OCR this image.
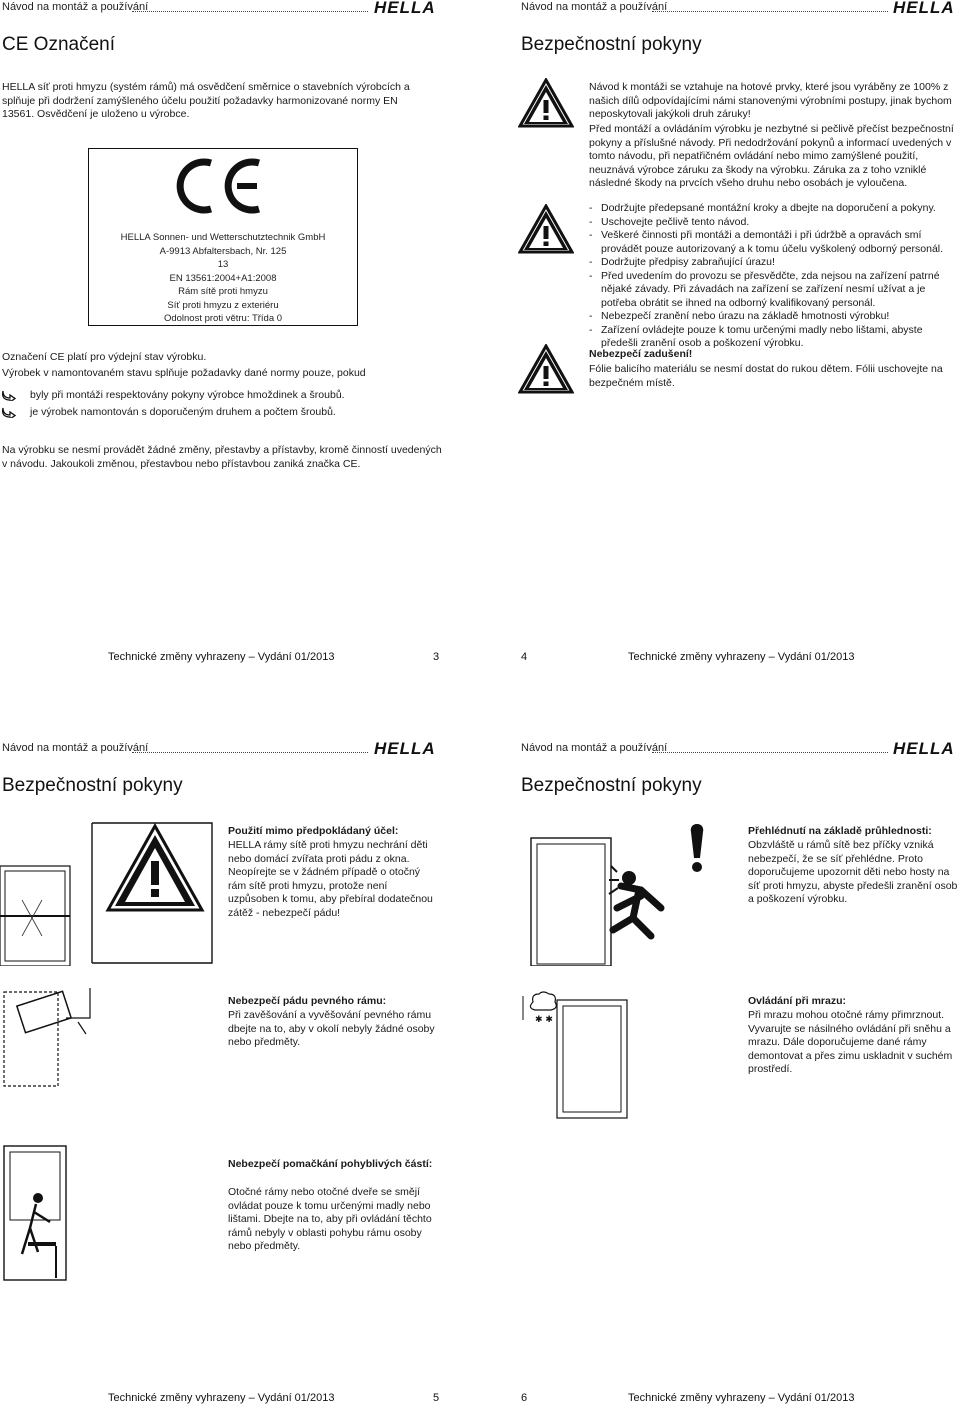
Návod na montáž a používání	HELLA
CE Označení
HELLA síť proti hmyzu (systém rámů) má osvědčení směrnice o stavebních výrobcích a splňuje při dodržení zamýšleného účelu použití požadavky harmonizované normy EN 13561. Osvědčení je uloženo u výrobce.
HELLA Sonnen- und Wetterschutztechnik GmbH
A-9913 Abfaltersbach, Nr. 125
13
EN 13561:2004+A1:2008
Rám sítě proti hmyzu
Síť proti hmyzu z exteriéru
Odolnost proti větru: Třída 0
Označení CE platí pro výdejní stav výrobku.
Výrobek v namontovaném stavu splňuje požadavky dané normy pouze, pokud
byly při montáži respektovány pokyny výrobce hmoždinek a šroubů.
je výrobek namontován s doporučeným druhem a počtem šroubů.
Na výrobku se nesmí provádět žádné změny, přestavby a přístavby, kromě činností uvedených v návodu. Jakoukoli změnou, přestavbou nebo přístavbou zaniká značka CE.
Technické změny vyhrazeny – Vydání 01/2013	3
Návod na montáž a používání	HELLA
Bezpečnostní pokyny
Návod k montáži se vztahuje na hotové prvky, které jsou vyráběny ze 100% z našich dílů odpovídajícími námi stanovenými výrobními postupy, jinak bychom neposkytovali jakýkoli druh záruky!
Před montáží a ovládáním výrobku je nezbytné si pečlivě přečíst bezpečnostní pokyny a příslušné návody. Při nedodržování pokynů a informací uvedených v tomto návodu, při nepatřičném ovládání nebo mimo zamýšlené použití, neuznává výrobce záruku za škody na výrobku. Záruka za z toho vzniklé následné škody na prvcích všeho druhu nebo osobách je vyloučena.
- Dodržujte předepsané montážní kroky a dbejte na doporučení a pokyny.
- Uschovejte pečlivě tento návod.
- Veškeré činnosti při montáži a demontáži i při údržbě a opravách smí provádět pouze autorizovaný a k tomu účelu vyškolený odborný personál.
- Dodržujte předpisy zabraňující úrazu!
- Před uvedením do provozu se přesvědčte, zda nejsou na zařízení patrné nějaké závady. Při závadách na zařízení se zařízení nesmí užívat a je potřeba obrátit se ihned na odborný kvalifikovaný personál.
- Nebezpečí zranění nebo úrazu na základě hmotnosti výrobku!
- Zařízení ovládejte pouze k tomu určenými madly nebo lištami, abyste předešli zranění osob a poškození výrobku.
Nebezpečí zadušení!
Fólie balicího materiálu se nesmí dostat do rukou dětem. Fólii uschovejte na bezpečném místě.
4	Technické změny vyhrazeny – Vydání 01/2013
Návod na montáž a používání	HELLA
Bezpečnostní pokyny
Použití mimo předpokládaný účel:
HELLA rámy sítě proti hmyzu nechrání děti nebo domácí zvířata proti pádu z okna. Neopírejte se v žádném případě o otočný rám sítě proti hmyzu, protože není uzpůsoben k tomu, aby přebíral dodatečnou zátěž - nebezpečí pádu!
Nebezpečí pádu pevného rámu:
Při zavěšování a vyvěšování pevného rámu dbejte na to, aby v okolí nebyly žádné osoby nebo předměty.
Nebezpečí pomačkání pohyblivých částí:
Otočné rámy nebo otočné dveře se smějí ovládat pouze k tomu určenými madly nebo lištami. Dbejte na to, aby při ovládání těchto rámů nebyly v oblasti pohybu rámu osoby nebo předměty.
Technické změny vyhrazeny – Vydání 01/2013	5
Návod na montáž a používání	HELLA
Bezpečnostní pokyny
✱ ✱
Přehlédnutí na základě průhlednosti:
Obzvláště u rámů sítě bez příčky vzniká nebezpečí, že se síť přehlédne. Proto doporučujeme upozornit děti nebo hosty na síť proti hmyzu, abyste předešli zranění osob a poškození výrobku.
Ovládání při mrazu:
Při mrazu mohou otočné rámy přimrznout. Vyvarujte se násilného ovládání při sněhu a mrazu. Dále doporučujeme dané rámy demontovat a přes zimu uskladnit v suchém prostředí.
6	Technické změny vyhrazeny – Vydání 01/2013
